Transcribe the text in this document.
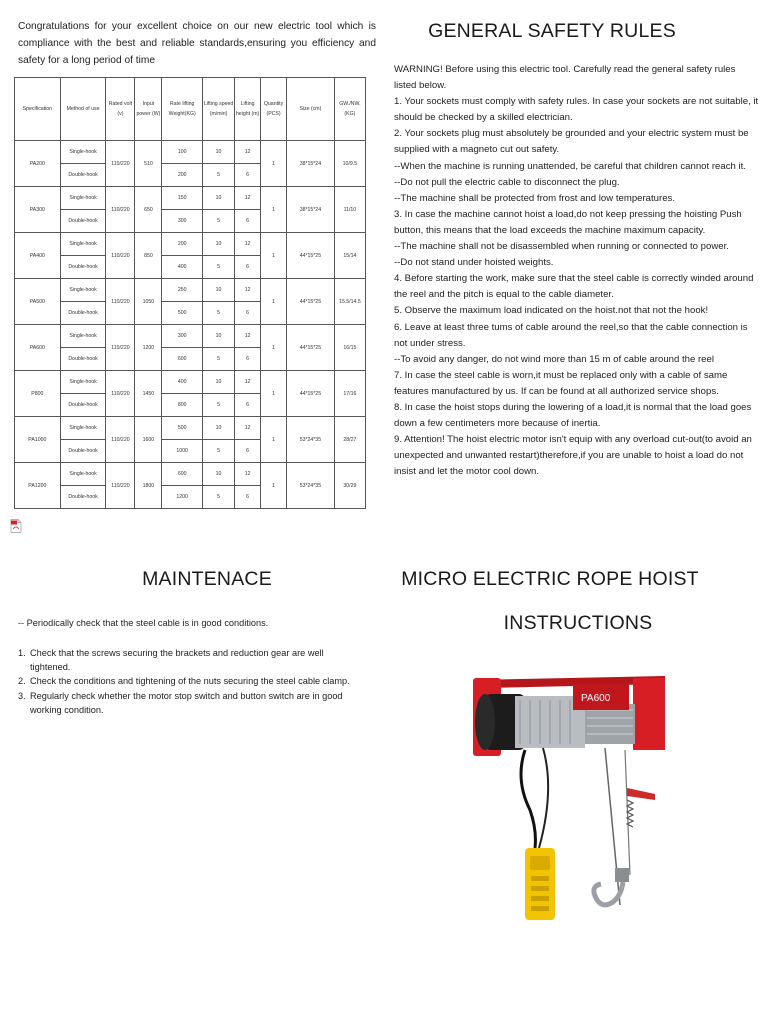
Congratulations for your excellent choice on our new electric tool which is compliance with the best and reliable standards,ensuring you efficiency and safety for a long period of time
Specification	Method of use	Rated volt (v)	Input power (W)	Rate lifting Weight(KG)	Lifting speed (m/min)	Lifting height (m)	Quantity (PCS)	Size (cm)	GW./NW. (KG)
PA200	Single-hook	110/220	510	100	10	12	1	38*15*24	10/9.5
	Double-hook			200	5	6			
PA300	Single-hook	110/220	650	150	10	12	1	38*15*24	11/10
	Double-hook			300	5	6			
PA400	Single-hook	110/220	850	200	10	12	1	44*15*25	15/14
	Double-hook			400	5	6			
PA500	Single-hook	110/220	1050	250	10	12	1	44*15*25	15.5/14.5
	Double-hook			500	5	6			
PA600	Single-hook	110/220	1200	300	10	12	1	44*15*25	16/15
	Double-hook			600	5	6			
P800	Single-hook	110/220	1450	400	10	12	1	44*15*25	17/16
	Double-hook			800	5	6			
PA1000	Single-hook	110/220	1600	500	10	12	1	53*24*35	28/27
	Double-hook			1000	5	6			
PA1200	Single-hook	110/220	1800	600	10	12	1	53*24*35	30/29
	Double-hook			1200	5	6			
GENERAL SAFETY RULES

WARNING! Before using this electric tool. Carefully read the general safety rules listed below.

1. Your sockets must comply with safety rules. In case your sockets are not suitable, it should be checked by a skilled electrician.

2. Your sockets plug must absolutely be grounded and your electric system must be supplied with a magneto cut out safety.

--When the machine is running unattended, be careful that children cannot reach it.

--Do not pull the electric cable to disconnect the plug.

--The machine shall be protected from frost and low temperatures.

3. In case the machine cannot hoist a load,do not keep pressing the hoisting Push button, this means that the load exceeds the machine maximum capacity.

--The machine shall not be disassembled when running or connected to power.

--Do not stand under hoisted weights.

4. Before starting the work, make sure that the steel cable is correctly winded around the reel and the pitch is equal to the cable diameter.

5. Observe the maximum load indicated on the hoist.not that not the hook!

6. Leave at least three tums of cable around the reel,so that the cable connection is not under stress.

--To avoid any danger, do not wind more than 15 m of cable around the reel

7. In case the steel cable is worn,it must be replaced only with a cable of same features manufactured by us. If can be found at all authorized service shops.

8. In case the hoist stops during the lowering of a load,it is normal that the load goes down a few centimeters more because of inertia.

9. Attention! The hoist electric motor isn't equip with any overload cut-out(to avoid an unexpected and unwanted restart)therefore,if you are unable to hoist a load do not insist and let the motor cool down.

MAINTENACE
-- Periodically check that the steel cable is in good conditions.
1. Check that the screws securing the brackets and reduction gear are well tightened.
2. Check the conditions and tightening of the nuts securing the steel cable clamp.
3. Regularly check whether the motor stop switch and button switch are in good working condition.
MICRO ELECTRIC ROPE HOIST
INSTRUCTIONS
PA600
